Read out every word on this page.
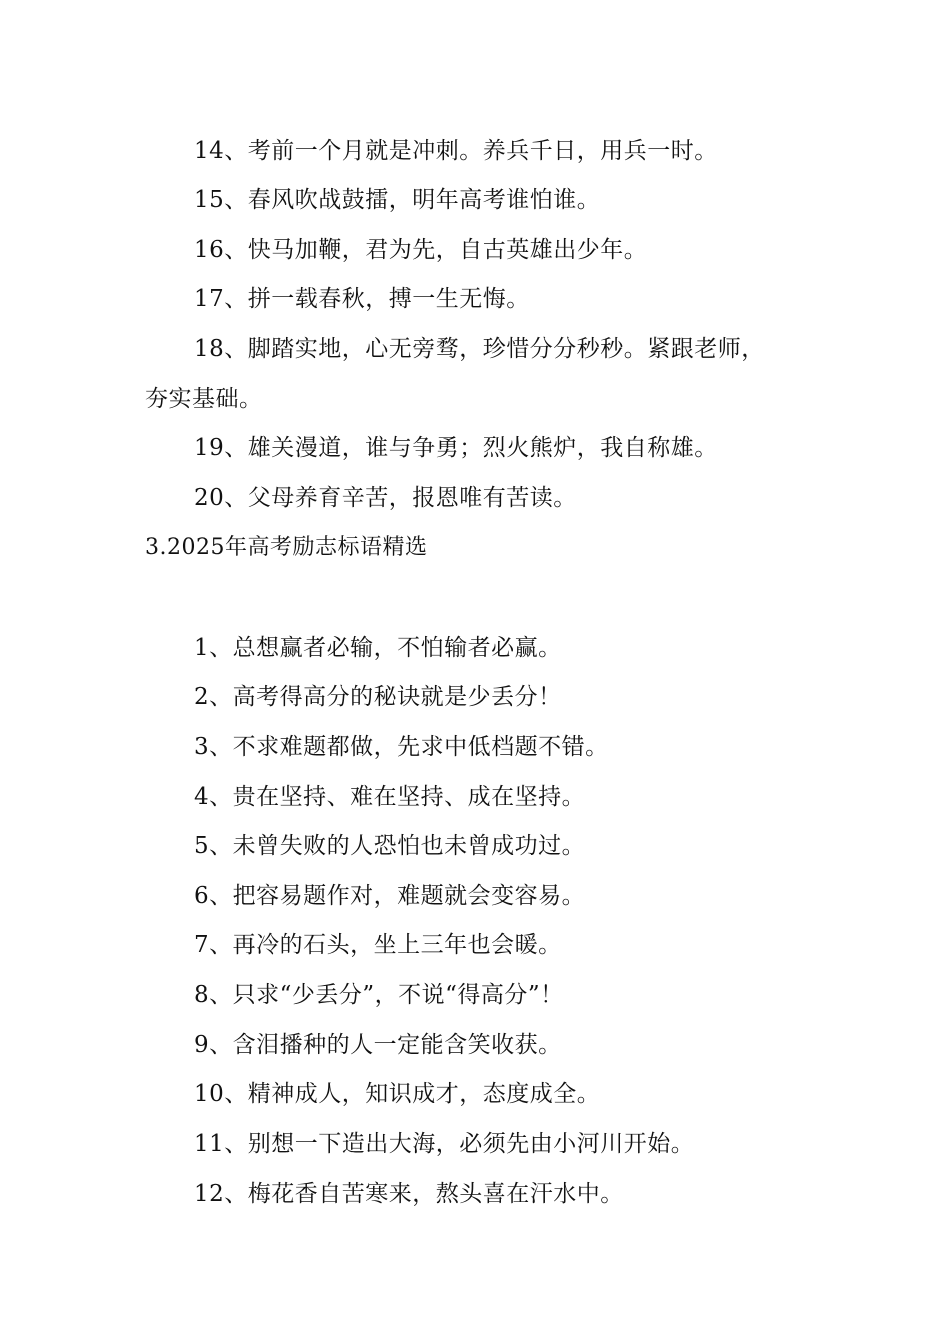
14、考前一个月就是冲刺。养兵千日，用兵一时。
15、春风吹战鼓擂，明年高考谁怕谁。
16、快马加鞭，君为先，自古英雄出少年。
17、拼一载春秋，搏一生无悔。
18、脚踏实地，心无旁骛，珍惜分分秒秒。紧跟老师，
夯实基础。
19、雄关漫道，谁与争勇；烈火熊炉，我自称雄。
20、父母养育辛苦，报恩唯有苦读。
3.2025年高考励志标语精选
1、总想赢者必输，不怕输者必赢。
2、高考得高分的秘诀就是少丢分！
3、不求难题都做，先求中低档题不错。
4、贵在坚持、难在坚持、成在坚持。
5、未曾失败的人恐怕也未曾成功过。
6、把容易题作对，难题就会变容易。
7、再冷的石头，坐上三年也会暖。
8、只求“少丢分”，不说“得高分”！
9、含泪播种的人一定能含笑收获。
10、精神成人，知识成才，态度成全。
11、别想一下造出大海，必须先由小河川开始。
12、梅花香自苦寒来，熬头喜在汗水中。
